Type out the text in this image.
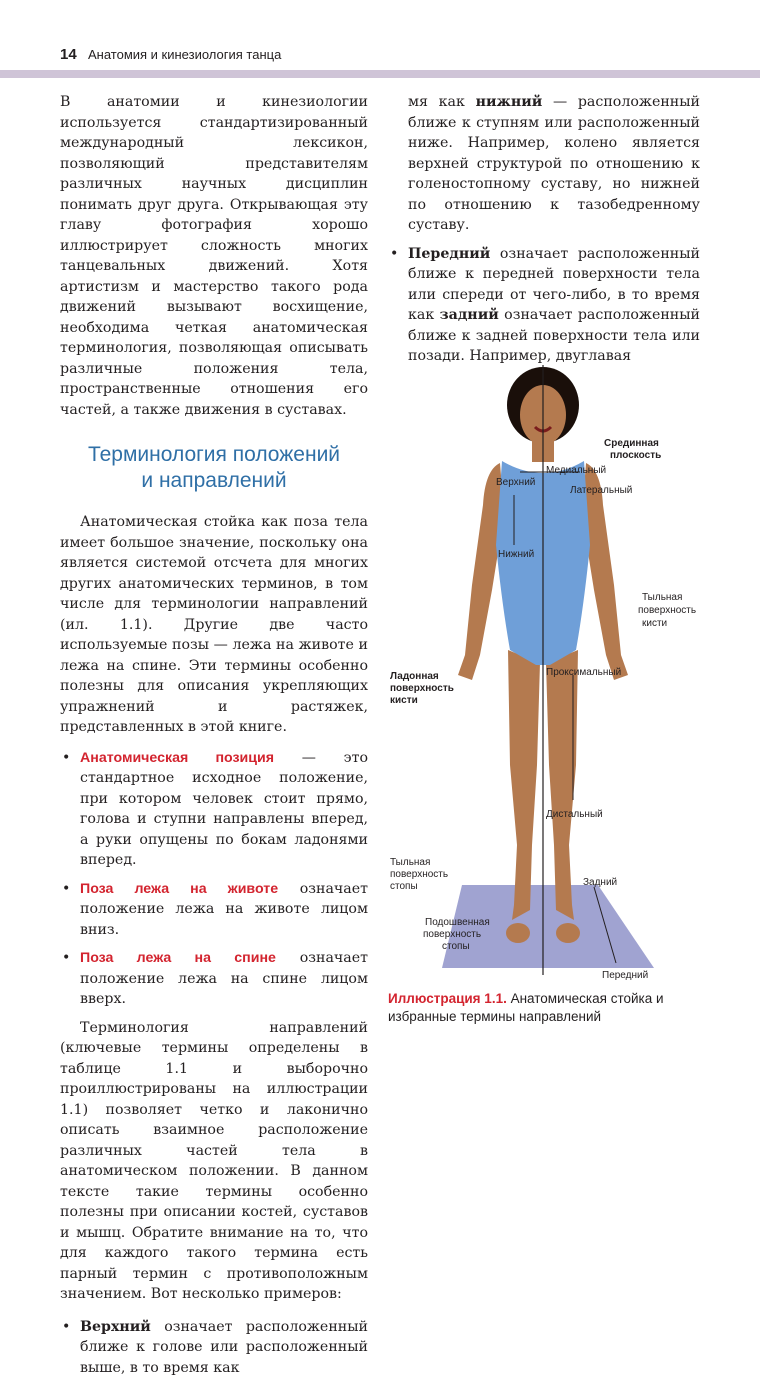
14 Анатомия и кинезиология танца

В анатомии и кинезиологии используется стандартизированный международный лексикон, позволяющий представителям различных научных дисциплин понимать друг друга. Открывающая эту главу фотография хорошо иллюстрирует сложность многих танцевальных движений. Хотя артистизм и мастерство такого рода движений вызывают восхищение, необходима четкая анатомическая терминология, позволяющая описывать различные положения тела, пространственные отношения его частей, а также движения в суставах.

Терминология положений
и направлений

Анатомическая стойка как поза тела имеет большое значение, поскольку она является системой отсчета для многих других анатомических терминов, в том числе для терминологии направлений (ил. 1.1). Другие две часто используемые позы — лежа на животе и лежа на спине. Эти термины особенно полезны для описания укрепляющих упражнений и растяжек, представленных в этой книге.

• Анатомическая позиция — это стандартное исходное положение, при котором человек стоит прямо, голова и ступни направлены вперед, а руки опущены по бокам ладонями вперед.
• Поза лежа на животе означает положение лежа на животе лицом вниз.
• Поза лежа на спине означает положение лежа на спине лицом вверх.

Терминология направлений (ключевые термины определены в таблице 1.1 и выборочно проиллюстрированы на иллюстрации 1.1) позволяет четко и лаконично описать взаимное расположение различных частей тела в анатомическом положении. В данном тексте такие термины особенно полезны при описании костей, суставов и мышц. Обратите внимание на то, что для каждого такого термина есть парный термин с противоположным значением. Вот несколько примеров:

• Верхний означает расположенный ближе к голове или расположенный выше, в то время как

мя как нижний — расположенный ближе к ступням или расположенный ниже. Например, колено является верхней структурой по отношению к голеностопному суставу, но нижней по отношению к тазобедренному суставу.

• Передний означает расположенный ближе к передней поверхности тела или спереди от чего-либо, в то время как задний означает расположенный ближе к задней поверхности тела или позади. Например, двуглавая
Срединная
плоскость
Медиальный
Латеральный
Верхний
Нижний
Тыльная
поверхность
кисти
Ладонная
поверхность
кисти
Проксимальный
Дистальный
Тыльная
поверхность
стопы	Задний
Подошвенная
поверхность
стопы
Передний
Иллюстрация 1.1. Анатомическая стойка и избранные термины направлений
